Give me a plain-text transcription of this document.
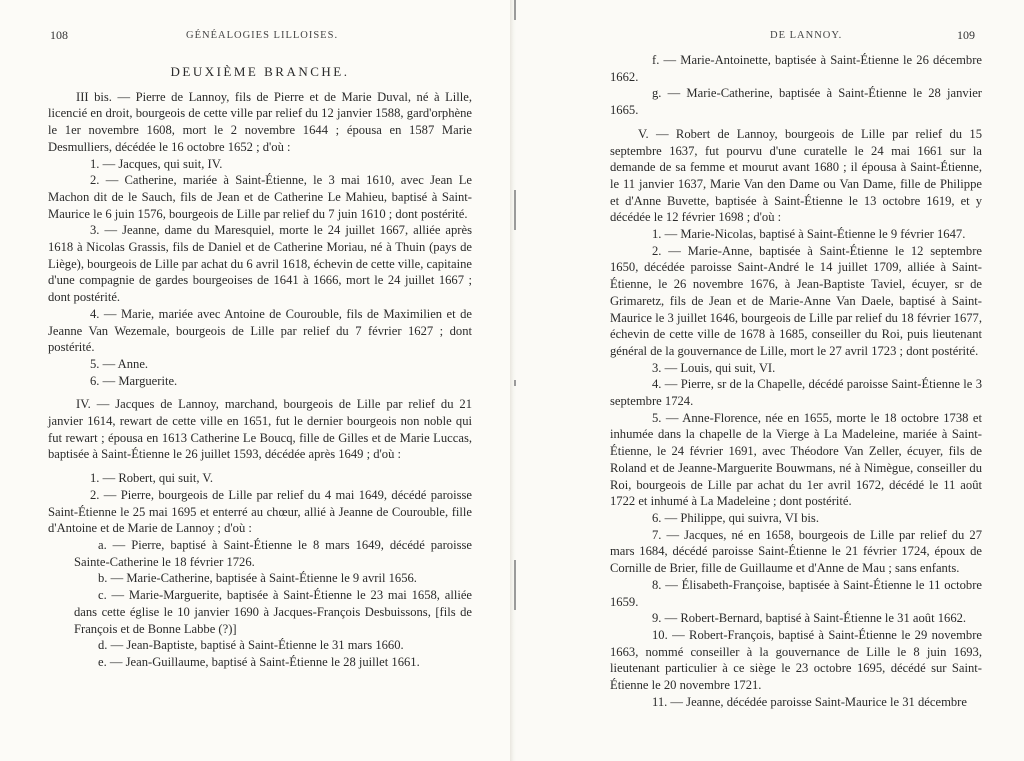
108	GÉNÉALOGIES LILLOISES.

DEUXIÈME BRANCHE.

III bis. — Pierre de Lannoy, fils de Pierre et de Marie Duval, né à Lille, licencié en droit, bourgeois de cette ville par relief du 12 janvier 1588, gard'orphène le 1er novembre 1608, mort le 2 novembre 1644 ; épousa en 1587 Marie Desmulliers, décédée le 16 octobre 1652 ; d'où :

1. — Jacques, qui suit, IV.

2. — Catherine, mariée à Saint-Étienne, le 3 mai 1610, avec Jean Le Machon dit de le Sauch, fils de Jean et de Catherine Le Mahieu, baptisé à Saint-Maurice le 6 juin 1576, bourgeois de Lille par relief du 7 juin 1610 ; dont postérité.

3. — Jeanne, dame du Maresquiel, morte le 24 juillet 1667, alliée après 1618 à Nicolas Grassis, fils de Daniel et de Catherine Moriau, né à Thuin (pays de Liège), bourgeois de Lille par achat du 6 avril 1618, échevin de cette ville, capitaine d'une compagnie de gardes bourgeoises de 1641 à 1666, mort le 24 juillet 1667 ; dont postérité.

4. — Marie, mariée avec Antoine de Courouble, fils de Maximilien et de Jeanne Van Wezemale, bourgeois de Lille par relief du 7 février 1627 ; dont postérité.

5. — Anne.

6. — Marguerite.

IV. — Jacques de Lannoy, marchand, bourgeois de Lille par relief du 21 janvier 1614, rewart de cette ville en 1651, fut le dernier bourgeois non noble qui fut rewart ; épousa en 1613 Catherine Le Boucq, fille de Gilles et de Marie Luccas, baptisée à Saint-Étienne le 26 juillet 1593, décédée après 1649 ; d'où :

1. — Robert, qui suit, V.

2. — Pierre, bourgeois de Lille par relief du 4 mai 1649, décédé paroisse Saint-Étienne le 25 mai 1695 et enterré au chœur, allié à Jeanne de Courouble, fille d'Antoine et de Marie de Lannoy ; d'où :

a. — Pierre, baptisé à Saint-Étienne le 8 mars 1649, décédé paroisse Sainte-Catherine le 18 février 1726.

b. — Marie-Catherine, baptisée à Saint-Étienne le 9 avril 1656.

c. — Marie-Marguerite, baptisée à Saint-Étienne le 23 mai 1658, alliée dans cette église le 10 janvier 1690 à Jacques-François Desbuissons, [fils de François et de Bonne Labbe (?)]

d. — Jean-Baptiste, baptisé à Saint-Étienne le 31 mars 1660.

e. — Jean-Guillaume, baptisé à Saint-Étienne le 28 juillet 1661.

DE LANNOY.	109

f. — Marie-Antoinette, baptisée à Saint-Étienne le 26 décembre 1662.

g. — Marie-Catherine, baptisée à Saint-Étienne le 28 janvier 1665.

V. — Robert de Lannoy, bourgeois de Lille par relief du 15 septembre 1637, fut pourvu d'une curatelle le 24 mai 1661 sur la demande de sa femme et mourut avant 1680 ; il épousa à Saint-Étienne, le 11 janvier 1637, Marie Van den Dame ou Van Dame, fille de Philippe et d'Anne Buvette, baptisée à Saint-Étienne le 13 octobre 1619, et y décédée le 12 février 1698 ; d'où :

1. — Marie-Nicolas, baptisé à Saint-Étienne le 9 février 1647.

2. — Marie-Anne, baptisée à Saint-Étienne le 12 septembre 1650, décédée paroisse Saint-André le 14 juillet 1709, alliée à Saint-Étienne, le 26 novembre 1676, à Jean-Baptiste Taviel, écuyer, sr de Grimaretz, fils de Jean et de Marie-Anne Van Daele, baptisé à Saint-Maurice le 3 juillet 1646, bourgeois de Lille par relief du 18 février 1677, échevin de cette ville de 1678 à 1685, conseiller du Roi, puis lieutenant général de la gouvernance de Lille, mort le 27 avril 1723 ; dont postérité.

3. — Louis, qui suit, VI.

4. — Pierre, sr de la Chapelle, décédé paroisse Saint-Étienne le 3 septembre 1724.

5. — Anne-Florence, née en 1655, morte le 18 octobre 1738 et inhumée dans la chapelle de la Vierge à La Madeleine, mariée à Saint-Étienne, le 24 février 1691, avec Théodore Van Zeller, écuyer, fils de Roland et de Jeanne-Marguerite Bouwmans, né à Nimègue, conseiller du Roi, bourgeois de Lille par achat du 1er avril 1672, décédé le 11 août 1722 et inhumé à La Madeleine ; dont postérité.

6. — Philippe, qui suivra, VI bis.

7. — Jacques, né en 1658, bourgeois de Lille par relief du 27 mars 1684, décédé paroisse Saint-Étienne le 21 février 1724, époux de Cornille de Brier, fille de Guillaume et d'Anne de Mau ; sans enfants.

8. — Élisabeth-Françoise, baptisée à Saint-Étienne le 11 octobre 1659.

9. — Robert-Bernard, baptisé à Saint-Étienne le 31 août 1662.

10. — Robert-François, baptisé à Saint-Étienne le 29 novembre 1663, nommé conseiller à la gouvernance de Lille le 8 juin 1693, lieutenant particulier à ce siège le 23 octobre 1695, décédé sur Saint-Étienne le 20 novembre 1721.

11. — Jeanne, décédée paroisse Saint-Maurice le 31 décembre
